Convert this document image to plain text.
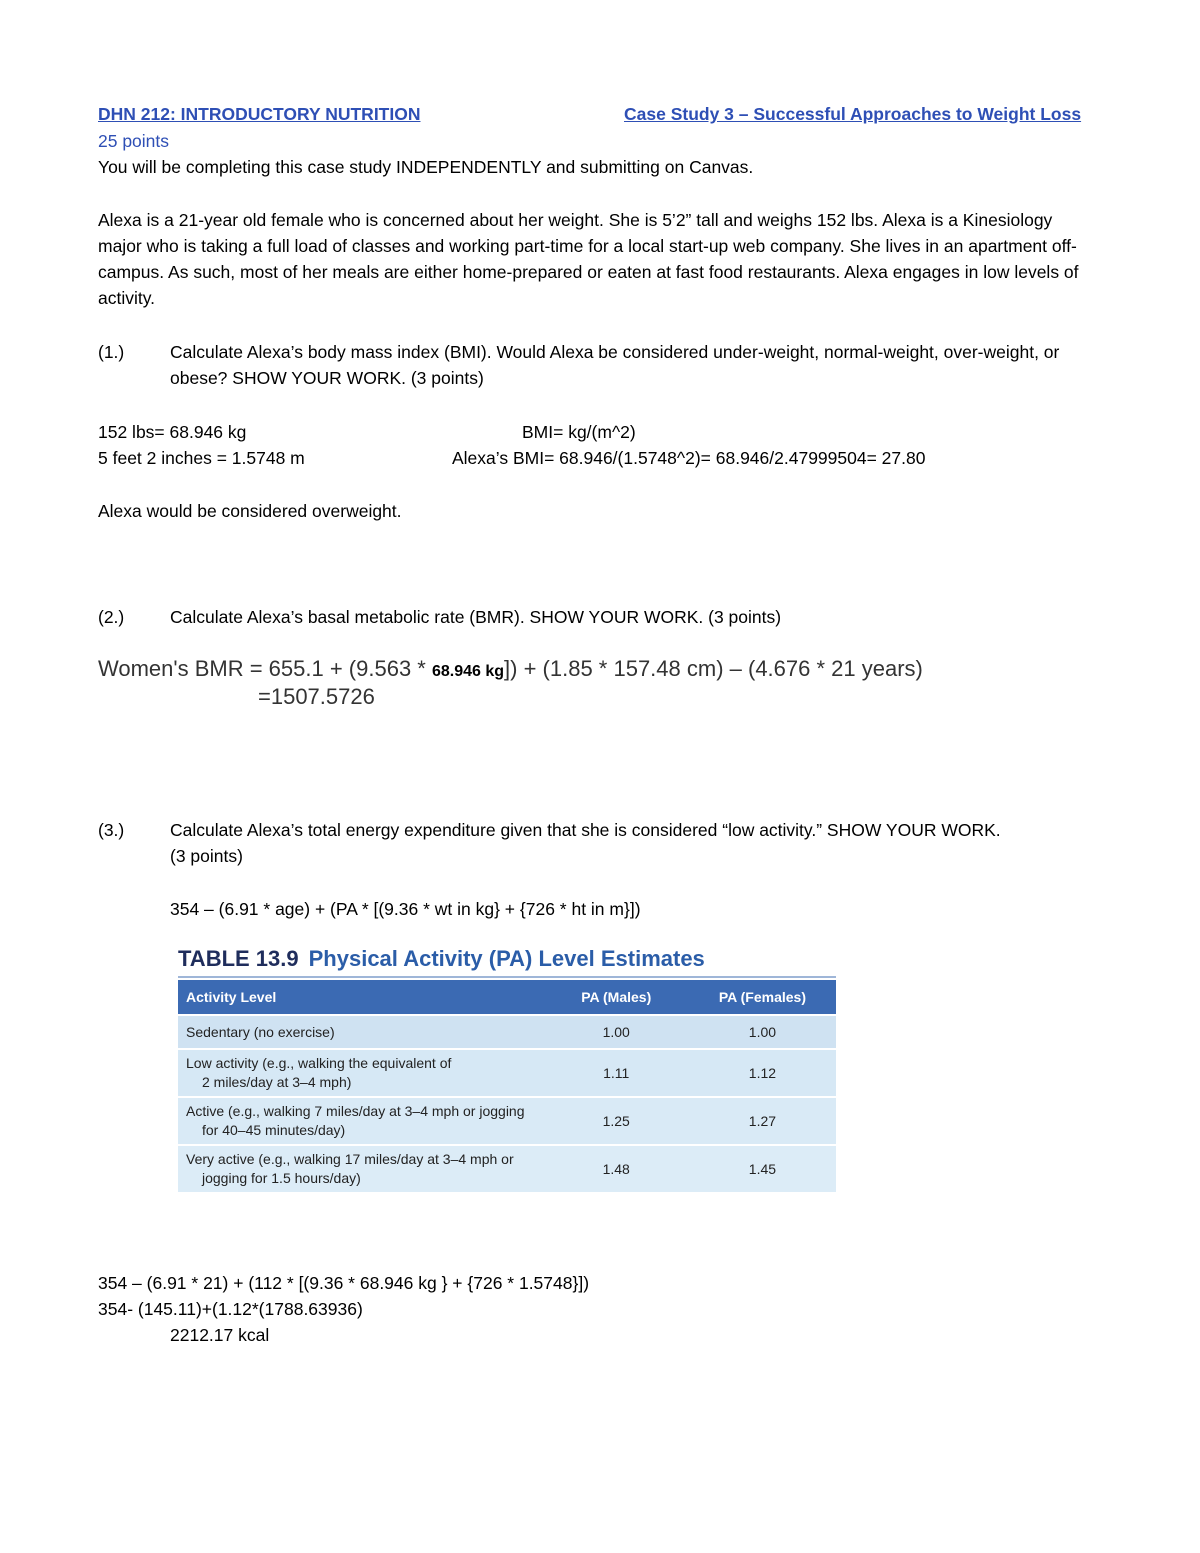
DHN 212: INTRODUCTORY NUTRITION	Case Study 3 – Successful Approaches to Weight Loss
25 points
You will be completing this case study INDEPENDENTLY and submitting on Canvas.
Alexa is a 21-year old female who is concerned about her weight. She is 5’2” tall and weighs 152 lbs. Alexa is a Kinesiology major who is taking a full load of classes and working part-time for a local start-up web company. She lives in an apartment off-campus. As such, most of her meals are either home-prepared or eaten at fast food restaurants. Alexa engages in low levels of activity.
(1.)	Calculate Alexa’s body mass index (BMI). Would Alexa be considered under-weight, normal-weight, over-weight, or obese? SHOW YOUR WORK. (3 points)
152 lbs= 68.946 kg	BMI= kg/(m^2)
5 feet 2 inches = 1.5748 m	Alexa’s BMI= 68.946/(1.5748^2)= 68.946/2.47999504= 27.80
Alexa would be considered overweight.
(2.)	Calculate Alexa’s basal metabolic rate (BMR). SHOW YOUR WORK. (3 points)
Women's BMR = 655.1 + (9.563 * 68.946 kg]) + (1.85 * 157.48 cm) – (4.676 * 21 years)
=1507.5726
(3.)	Calculate Alexa’s total energy expenditure given that she is considered “low activity.” SHOW YOUR WORK.
(3 points)
354 – (6.91 * age) + (PA * [(9.36 * wt in kg} + {726 * ht in m}])
TABLE 13.9 Physical Activity (PA) Level Estimates
Activity Level	PA (Males)	PA (Females)
Sedentary (no exercise)	1.00	1.00
Low activity (e.g., walking the equivalent of
2 miles/day at 3–4 mph)	1.11	1.12
Active (e.g., walking 7 miles/day at 3–4 mph or jogging
for 40–45 minutes/day)	1.25	1.27
Very active (e.g., walking 17 miles/day at 3–4 mph or
jogging for 1.5 hours/day)	1.48	1.45
354 – (6.91 * 21) + (112 * [(9.36 * 68.946 kg } + {726 * 1.5748}])
354- (145.11)+(1.12*(1788.63936)
2212.17 kcal
